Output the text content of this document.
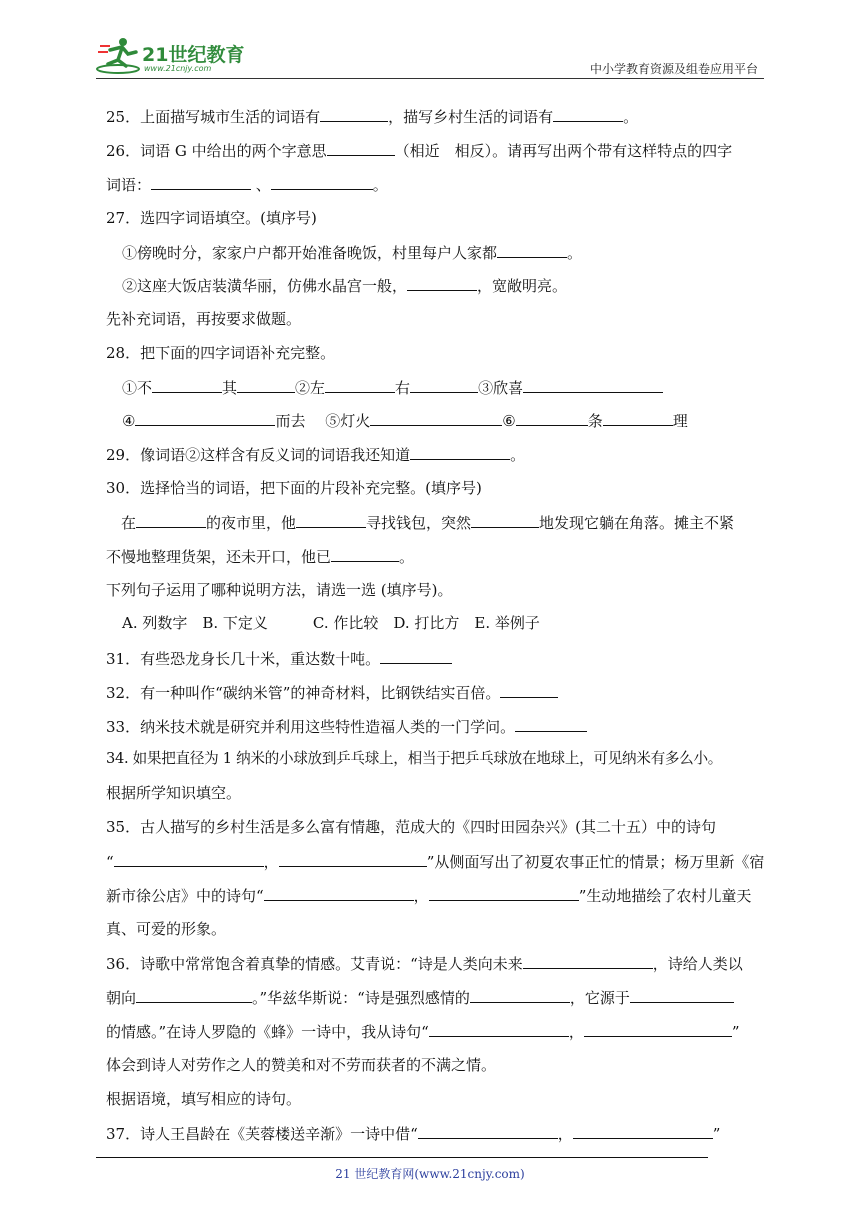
21世纪教育
www.21cnjy.com	中小学教育资源及组卷应用平台
25．上面描写城市生活的词语有	，描写乡村生活的词语有	。
26．词语 G 中给出的两个字意思	（相近　相反）。请再写出两个带有这样特点的四字
词语：	、	。
27．选四字词语填空。(填序号)
①傍晚时分，家家户户都开始准备晚饭，村里每户人家都	。
②这座大饭店装潢华丽，仿佛水晶宫一般，	，宽敞明亮。
先补充词语，再按要求做题。
28．把下面的四字词语补充完整。
①不	其	②左	右	③欣喜
④	而去　 ⑤灯火	⑥	条	理
29．像词语②这样含有反义词的词语我还知道	。
30．选择恰当的词语，把下面的片段补充完整。(填序号)
　在	的夜市里，他	寻找钱包，突然	地发现它躺在角落。摊主不紧
不慢地整理货架，还未开口，他已	。
下列句子运用了哪种说明方法，请选一选 (填序号)。
A. 列数字　B. 下定义　　　C. 作比较　D. 打比方　E. 举例子
31．有些恐龙身长几十米，重达数十吨。
32．有一种叫作“碳纳米管”的神奇材料，比钢铁结实百倍。
33．纳米技术就是研究并利用这些特性造福人类的一门学问。
34. 如果把直径为 1 纳米的小球放到乒乓球上，相当于把乒乓球放在地球上，可见纳米有多么小。
根据所学知识填空。
35．古人描写的乡村生活是多么富有情趣，范成大的《四时田园杂兴》(其二十五）中的诗句
“	，	”从侧面写出了初夏农事正忙的情景；杨万里新《宿
新市徐公店》中的诗句“	，	”生动地描绘了农村儿童天
真、可爱的形象。
36．诗歌中常常饱含着真挚的情感。艾青说：“诗是人类向未来	，诗给人类以
朝向	。”华兹华斯说：“诗是强烈感情的	，它源于
的情感。”在诗人罗隐的《蜂》一诗中，我从诗句“	，	”
体会到诗人对劳作之人的赞美和对不劳而获者的不满之情。
根据语境，填写相应的诗句。
37．诗人王昌龄在《芙蓉楼送辛渐》一诗中借“	，	”
21 世纪教育网(www.21cnjy.com)
